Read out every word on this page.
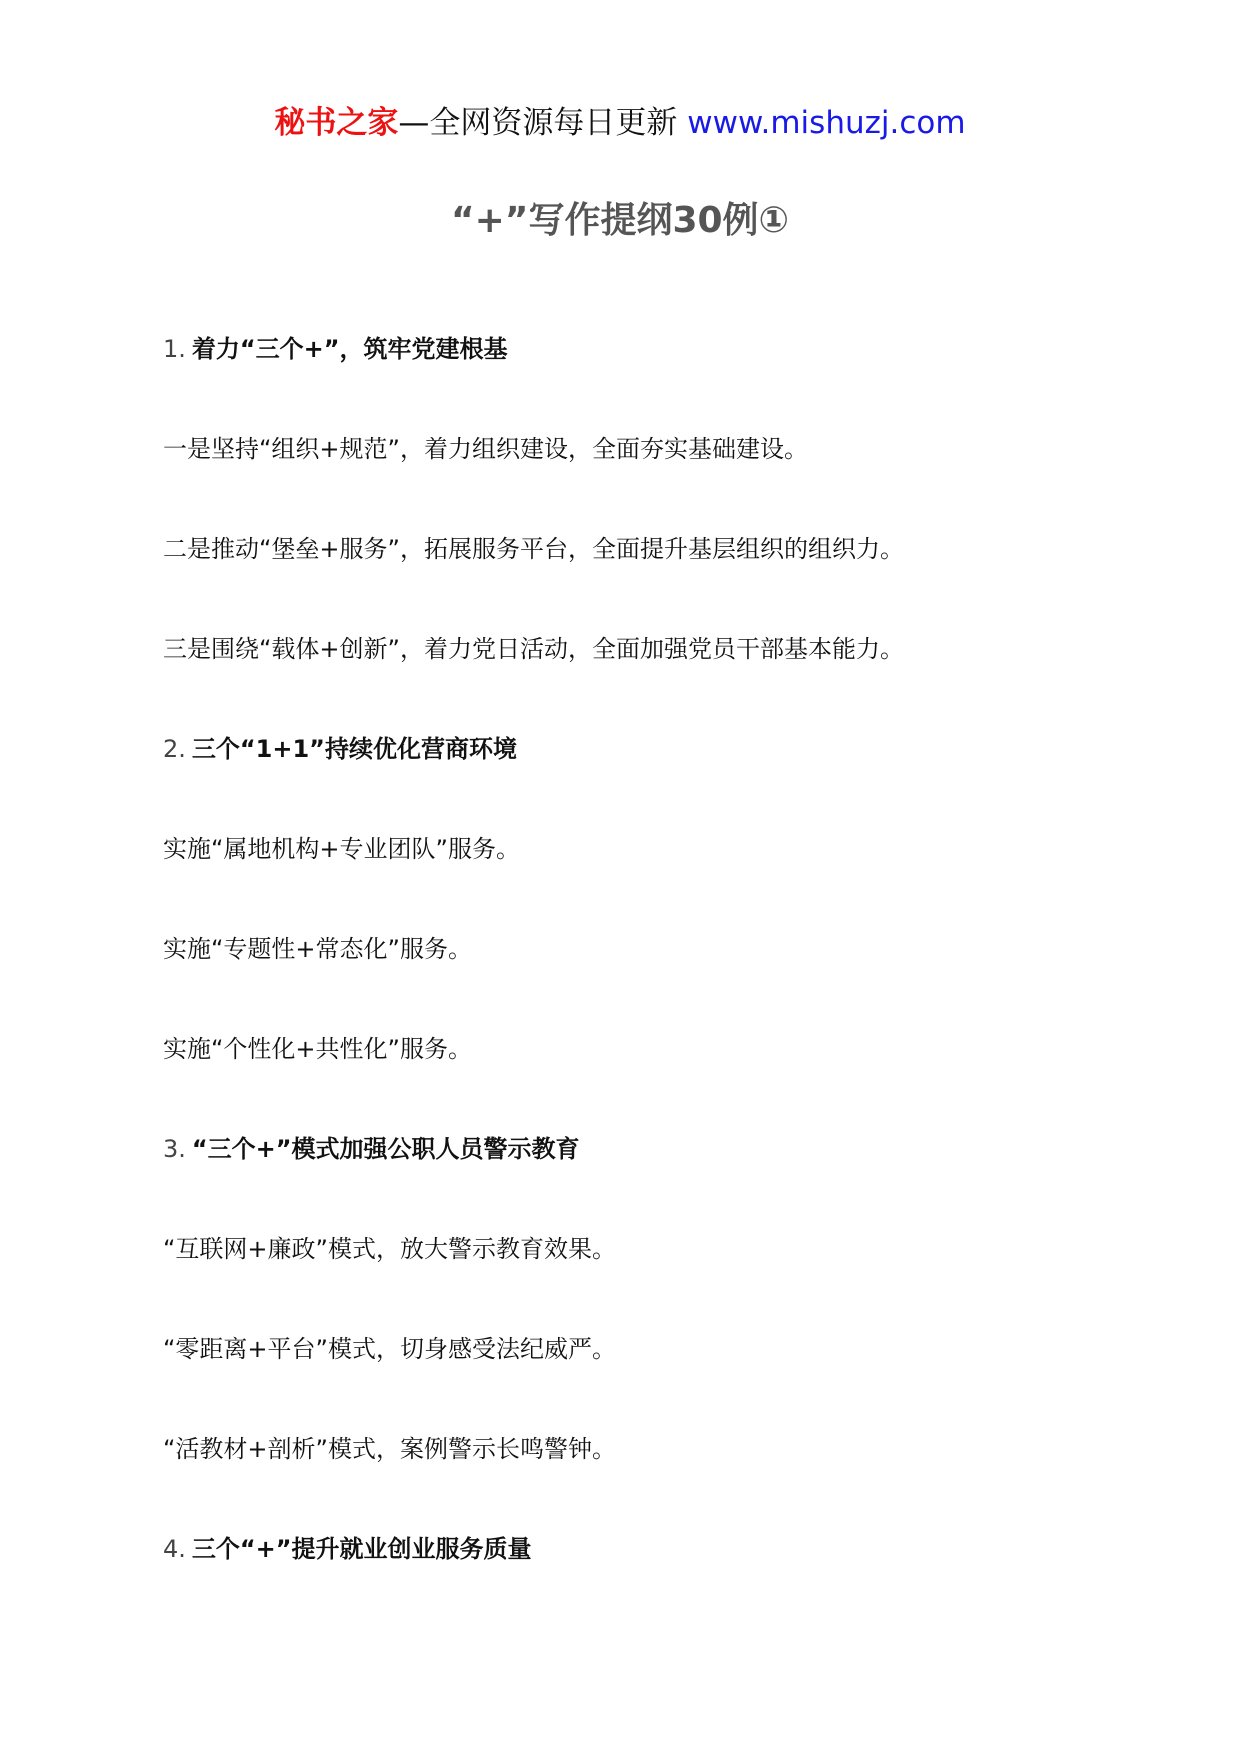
秘书之家—全网资源每日更新 www.mishuzj.com
“+”写作提纲30例①
1. 着力“三个+”，筑牢党建根基
一是坚持“组织+规范”，着力组织建设，全面夯实基础建设。
二是推动“堡垒+服务”，拓展服务平台，全面提升基层组织的组织力。
三是围绕“载体+创新”，着力党日活动，全面加强党员干部基本能力。
2. 三个“1+1”持续优化营商环境
实施“属地机构+专业团队”服务。
实施“专题性+常态化”服务。
实施“个性化+共性化”服务。
3. “三个+”模式加强公职人员警示教育
“互联网+廉政”模式，放大警示教育效果。
“零距离+平台”模式，切身感受法纪威严。
“活教材+剖析”模式，案例警示长鸣警钟。
4. 三个“+”提升就业创业服务质量
